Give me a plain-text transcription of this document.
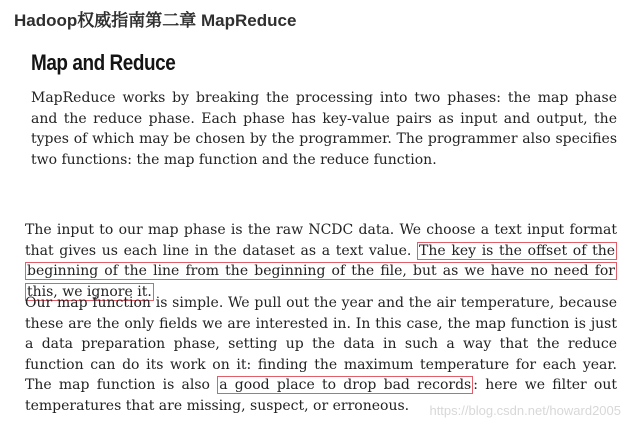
Hadoop权威指南第二章 MapReduce
Map and Reduce
MapReduce works by breaking the processing into two phases: the map phase and the reduce phase. Each phase has key-value pairs as input and output, the types of which may be chosen by the programmer. The programmer also specifies two functions: the map function and the reduce function.
The input to our map phase is the raw NCDC data. We choose a text input format that gives us each line in the dataset as a text value. The key is the offset of the beginning of the line from the beginning of the file, but as we have no need for this, we ignore it.
Our map function is simple. We pull out the year and the air temperature, because these are the only fields we are interested in. In this case, the map function is just a data preparation phase, setting up the data in such a way that the reduce function can do its work on it: finding the maximum temperature for each year. The map function is also a good place to drop bad records : here we filter out temperatures that are missing, suspect, or erroneous.	https://blog.csdn.net/howard2005
